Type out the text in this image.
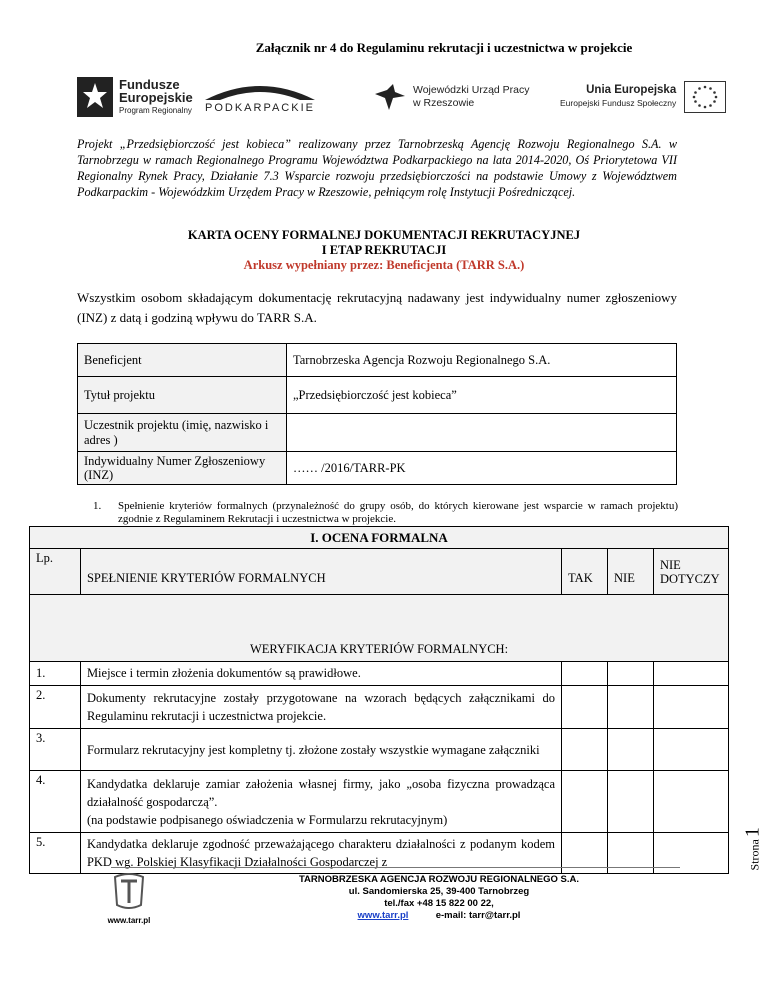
Załącznik nr 4 do Regulaminu rekrutacji i uczestnictwa w projekcie
Fundusze
Europejskie
Program Regionalny PODKARPACKIE
Wojewódzki Urząd Pracy
w Rzeszowie
Unia Europejska
Europejski Fundusz Społeczny
Projekt „Przedsiębiorczość jest kobieca” realizowany przez Tarnobrzeską Agencję Rozwoju Regionalnego S.A. w Tarnobrzegu w ramach Regionalnego Programu Województwa Podkarpackiego na lata 2014-2020, Oś Priorytetowa VII Regionalny Rynek Pracy, Działanie 7.3 Wsparcie rozwoju przedsiębiorczości na podstawie Umowy z Województwem Podkarpackim - Wojewódzkim Urzędem Pracy w Rzeszowie, pełniącym rolę Instytucji Pośredniczącej.
KARTA OCENY FORMALNEJ DOKUMENTACJI REKRUTACYJNEJ
I ETAP REKRUTACJI
Arkusz wypełniany przez: Beneficjenta (TARR S.A.)
Wszystkim osobom składającym dokumentację rekrutacyjną nadawany jest indywidualny numer zgłoszeniowy (INZ) z datą i godziną wpływu do TARR S.A.
Beneficjent	Tarnobrzeska Agencja Rozwoju Regionalnego S.A.
Tytuł projektu	„Przedsiębiorczość jest kobieca”
Uczestnik projektu (imię, nazwisko i adres )	
Indywidualny Numer Zgłoszeniowy (INZ)	…… /2016/TARR-PK
1. Spełnienie kryteriów formalnych (przynależność do grupy osób, do których kierowane jest wsparcie w ramach projektu) zgodnie z Regulaminem Rekrutacji i uczestnictwa w projekcie.
I. OCENA FORMALNA				
Lp.	SPEŁNIENIE KRYTERIÓW FORMALNYCH	TAK	NIE	NIE DOTYCZY
WERYFIKACJA KRYTERIÓW FORMALNYCH:				
1.	Miejsce i termin złożenia dokumentów są prawidłowe.			
2.	Dokumenty rekrutacyjne zostały przygotowane na wzorach będących załącznikami do Regulaminu rekrutacji i uczestnictwa projekcie.			
3.	Formularz rekrutacyjny jest kompletny tj. złożone zostały wszystkie wymagane załączniki			
4.	Kandydatka deklaruje zamiar założenia własnej firmy, jako „osoba fizyczna prowadząca działalność gospodarczą”.
(na podstawie podpisanego oświadczenia w Formularzu rekrutacyjnym)			

5.	Kandydatka deklaruje zgodność przeważającego charakteru działalności z podanym kodem PKD wg. Polskiej Klasyfikacji Działalności Gospodarczej z				Strona1
www.tarr.pl
TARNOBRZESKA AGENCJA ROZWOJU REGIONALNEGO S.A.
ul. Sandomierska 25, 39-400 Tarnobrzeg
tel./fax +48 15 822 00 22,
www.tarr.pl	e-mail: tarr@tarr.pl
